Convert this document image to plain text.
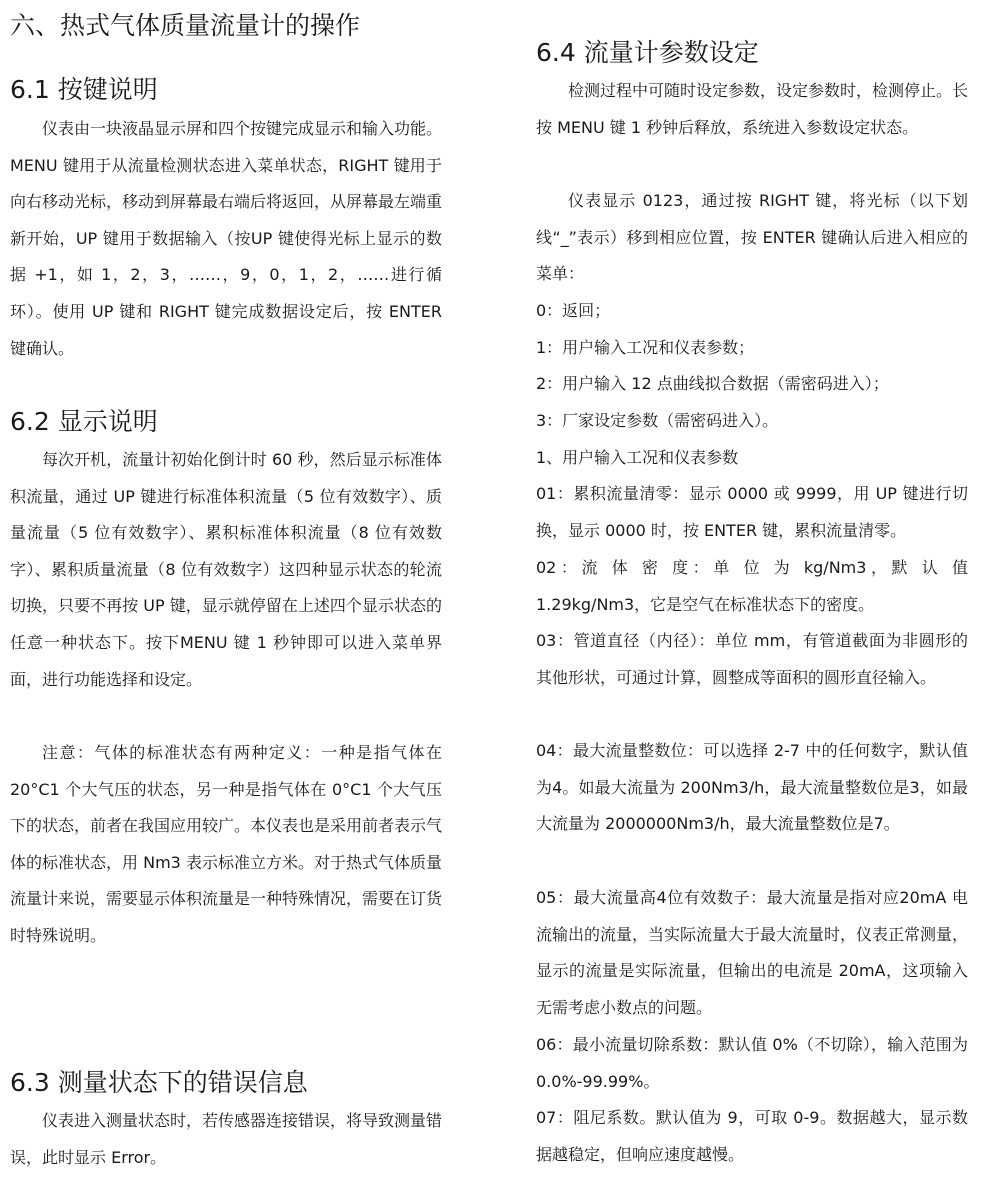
六、热式气体质量流量计的操作
6.1 按键说明
仪表由一块液晶显示屏和四个按键完成显示和输入功能。MENU 键用于从流量检测状态进入菜单状态，RIGHT 键用于向右移动光标，移动到屏幕最右端后将返回，从屏幕最左端重新开始，UP 键用于数据输入（按UP 键使得光标上显示的数据 +1，如 1，2，3，……，9，0，1，2，……进行循环）。使用 UP 键和 RIGHT 键完成数据设定后，按 ENTER 键确认。
6.2 显示说明
每次开机，流量计初始化倒计时 60 秒，然后显示标准体积流量，通过 UP 键进行标准体积流量（5 位有效数字）、质量流量（5 位有效数字）、累积标准体积流量（8 位有效数字）、累积质量流量（8 位有效数字）这四种显示状态的轮流切换，只要不再按 UP 键，显示就停留在上述四个显示状态的任意一种状态下。按下MENU 键 1 秒钟即可以进入菜单界面，进行功能选择和设定。
注意：气体的标准状态有两种定义：一种是指气体在 20°C1 个大气压的状态，另一种是指气体在 0°C1 个大气压下的状态，前者在我国应用较广。本仪表也是采用前者表示气体的标准状态，用 Nm3 表示标准立方米。对于热式气体质量流量计来说，需要显示体积流量是一种特殊情况，需要在订货时特殊说明。
6.3 测量状态下的错误信息
仪表进入测量状态时，若传感器连接错误，将导致测量错误，此时显示 Error。
6.4 流量计参数设定
检测过程中可随时设定参数，设定参数时，检测停止。长按 MENU 键 1 秒钟后释放，系统进入参数设定状态。
仪表显示 0123，通过按 RIGHT 键，将光标（以下划线“_”表示）移到相应位置，按 ENTER 键确认后进入相应的菜单：
0：返回；
1：用户输入工况和仪表参数；
2：用户输入 12 点曲线拟合数据（需密码进入）；
3：厂家设定参数（需密码进入）。
1、用户输入工况和仪表参数
01：累积流量清零：显示 0000 或 9999，用 UP 键进行切换，显示 0000 时，按 ENTER 键，累积流量清零。
02：流 体 密 度：单 位 为 kg/Nm3，默 认 值 1.29kg/Nm3，它是空气在标准状态下的密度。
03：管道直径（内径）：单位 mm，有管道截面为非圆形的其他形状，可通过计算，圆整成等面积的圆形直径输入。
04：最大流量整数位：可以选择 2-7 中的任何数字，默认值为4。如最大流量为 200Nm3/h，最大流量整数位是3，如最大流量为 2000000Nm3/h，最大流量整数位是7。
05：最大流量高4位有效数子：最大流量是指对应20mA 电流输出的流量，当实际流量大于最大流量时，仪表正常测量，显示的流量是实际流量，但输出的电流是 20mA，这项输入无需考虑小数点的问题。
06：最小流量切除系数：默认值 0%（不切除），输入范围为 0.0%-99.99%。
07：阻尼系数。默认值为 9，可取 0-9。数据越大，显示数据越稳定，但响应速度越慢。
